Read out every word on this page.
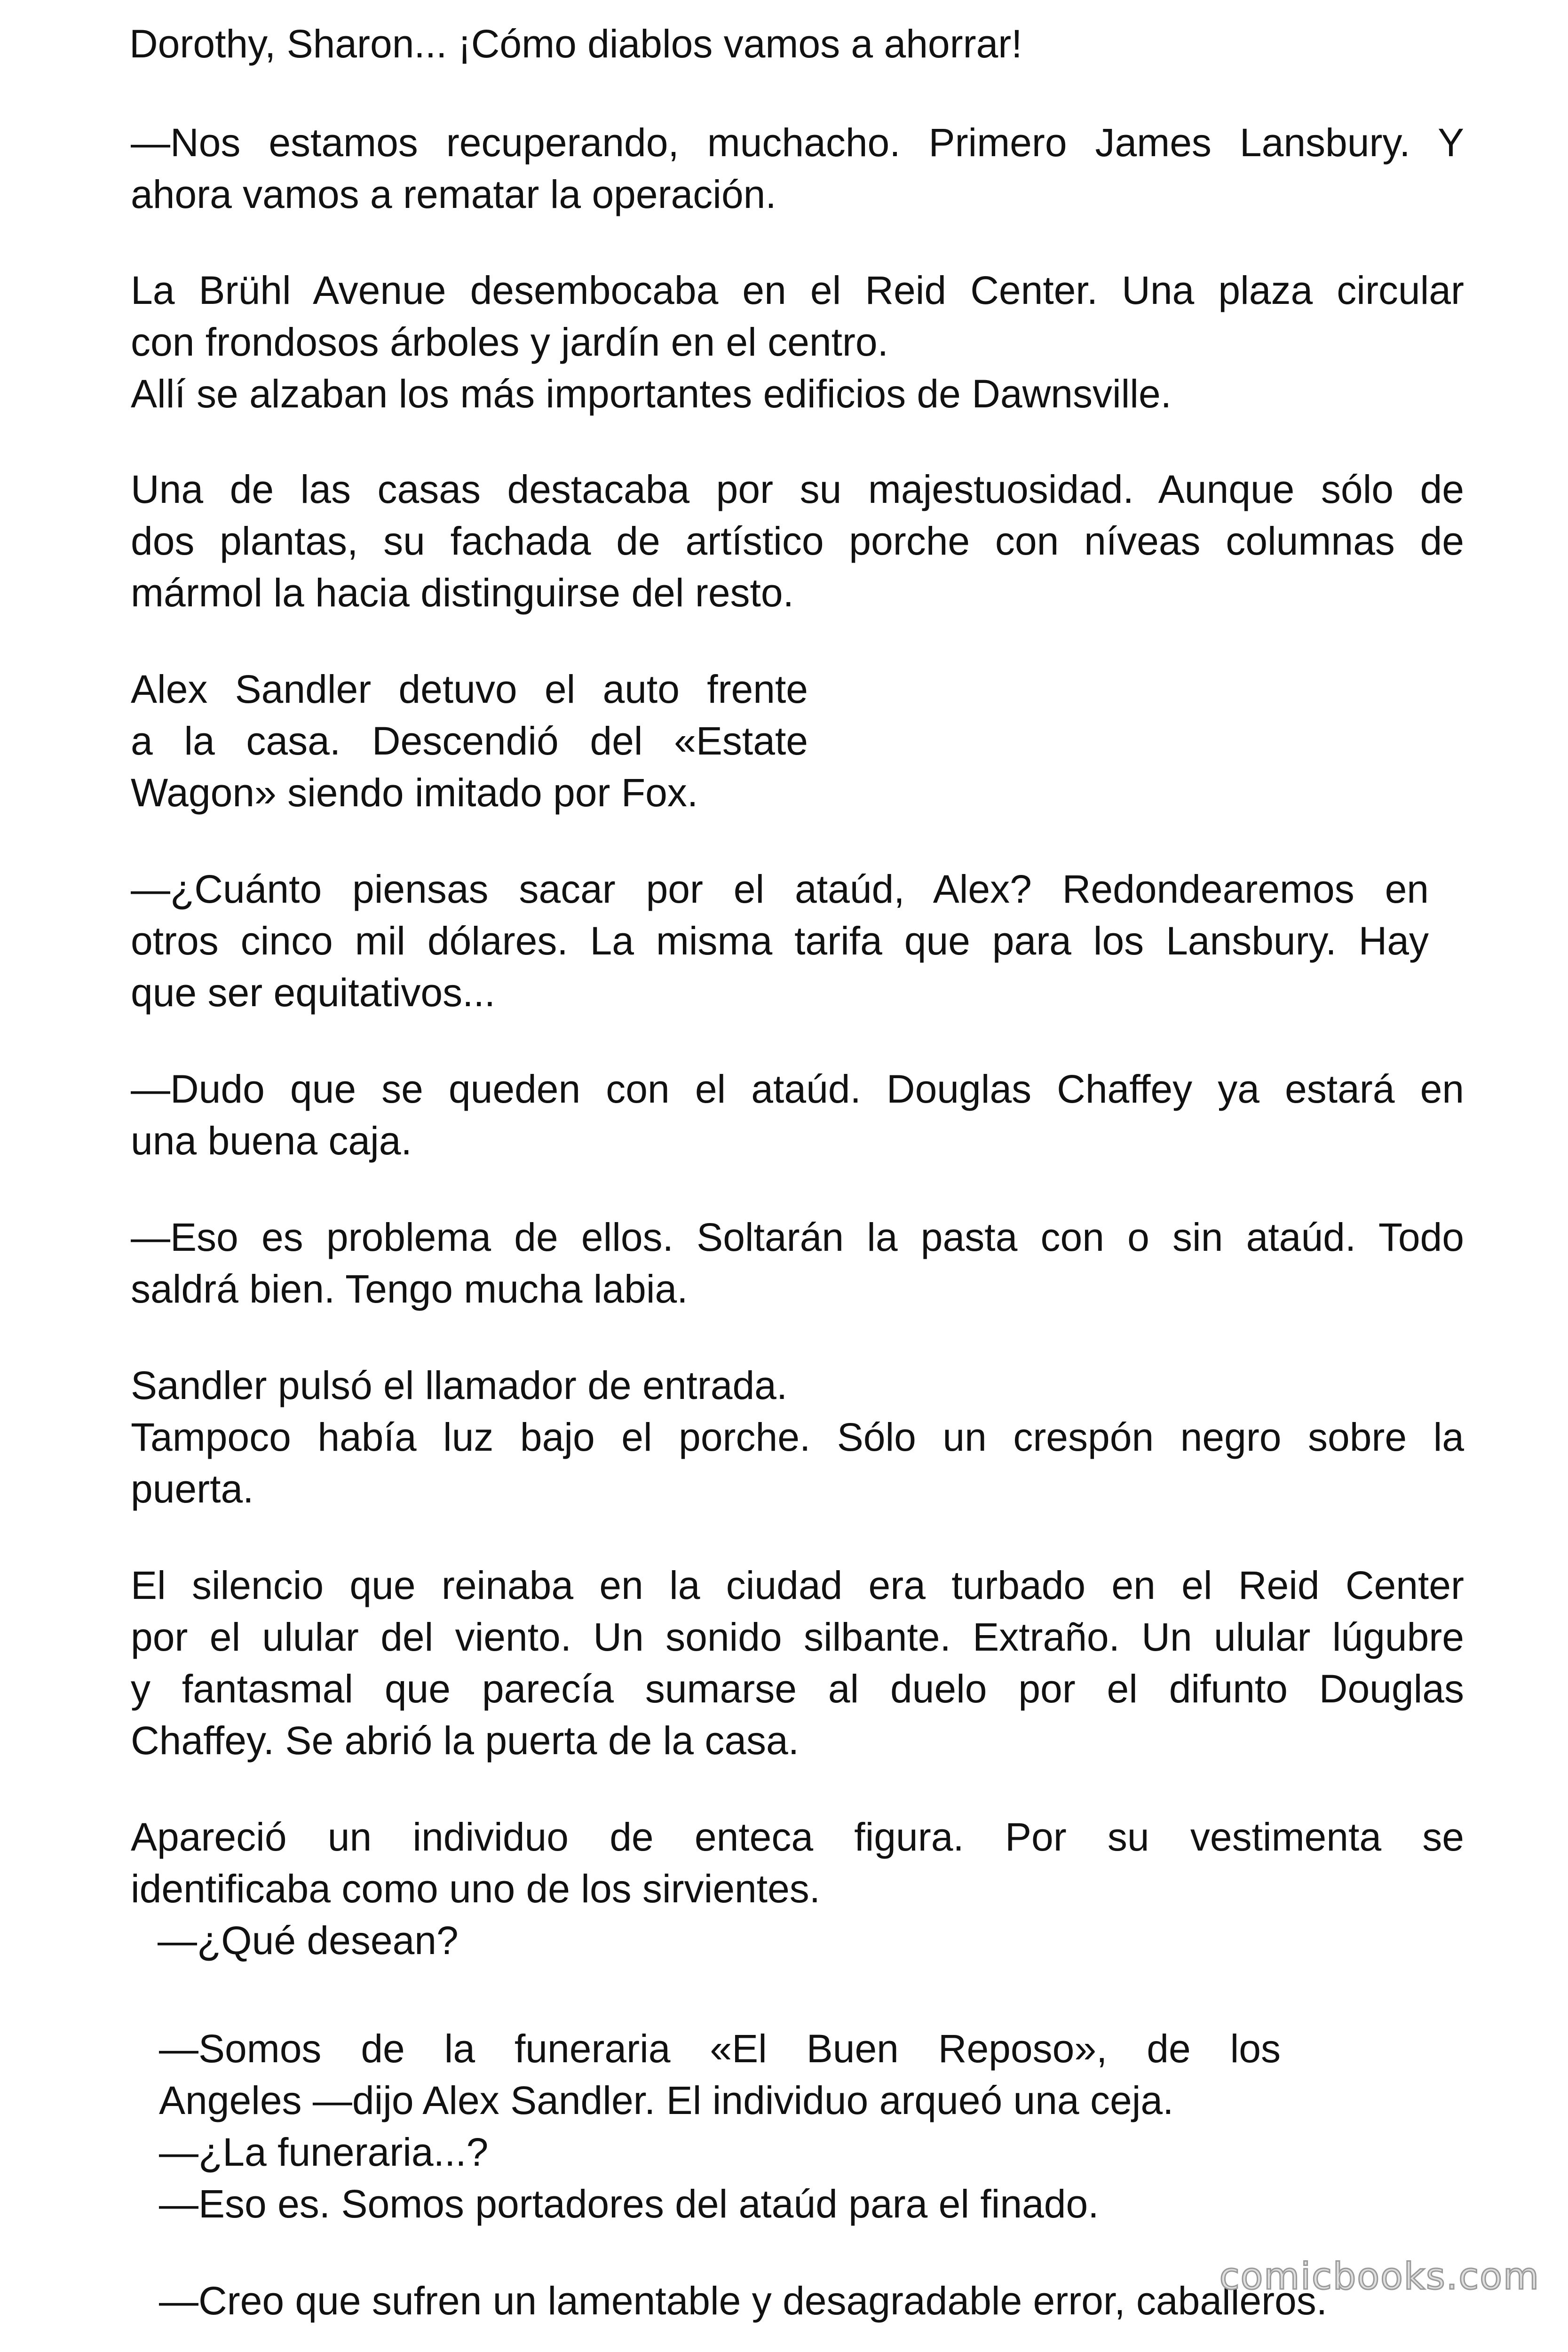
Dorothy, Sharon... ¡Cómo diablos vamos a ahorrar!

—Nos estamos recuperando, muchacho. Primero James Lansbury. Y

ahora vamos a rematar la operación.

La Brühl Avenue desembocaba en el Reid Center. Una plaza circular

con frondosos árboles y jardín en el centro.

Allí se alzaban los más importantes edificios de Dawnsville.

Una de las casas destacaba por su majestuosidad. Aunque sólo de

dos plantas, su fachada de artístico porche con níveas columnas de

mármol la hacia distinguirse del resto.

Alex Sandler detuvo el auto frente

a la casa. Descendió del «Estate

Wagon» siendo imitado por Fox.

—¿Cuánto piensas sacar por el ataúd, Alex? Redondearemos en

otros cinco mil dólares. La misma tarifa que para los Lansbury. Hay

que ser equitativos...

—Dudo que se queden con el ataúd. Douglas Chaffey ya estará en

una buena caja.

—Eso es problema de ellos. Soltarán la pasta con o sin ataúd. Todo

saldrá bien. Tengo mucha labia.

Sandler pulsó el llamador de entrada.

Tampoco había luz bajo el porche. Sólo un crespón negro sobre la

puerta.

El silencio que reinaba en la ciudad era turbado en el Reid Center

por el ulular del viento. Un sonido silbante. Extraño. Un ulular lúgubre

y fantasmal que parecía sumarse al duelo por el difunto Douglas

Chaffey. Se abrió la puerta de la casa.

Apareció un individuo de enteca figura. Por su vestimenta se

identificaba como uno de los sirvientes.

—¿Qué desean?

—Somos de la funeraria «El Buen Reposo», de los

Angeles —dijo Alex Sandler. El individuo arqueó una ceja.

—¿La funeraria...?

—Eso es. Somos portadores del ataúd para el finado.

—Creo que sufren un lamentable y desagradable error, caballeros.

comicbooks.com
